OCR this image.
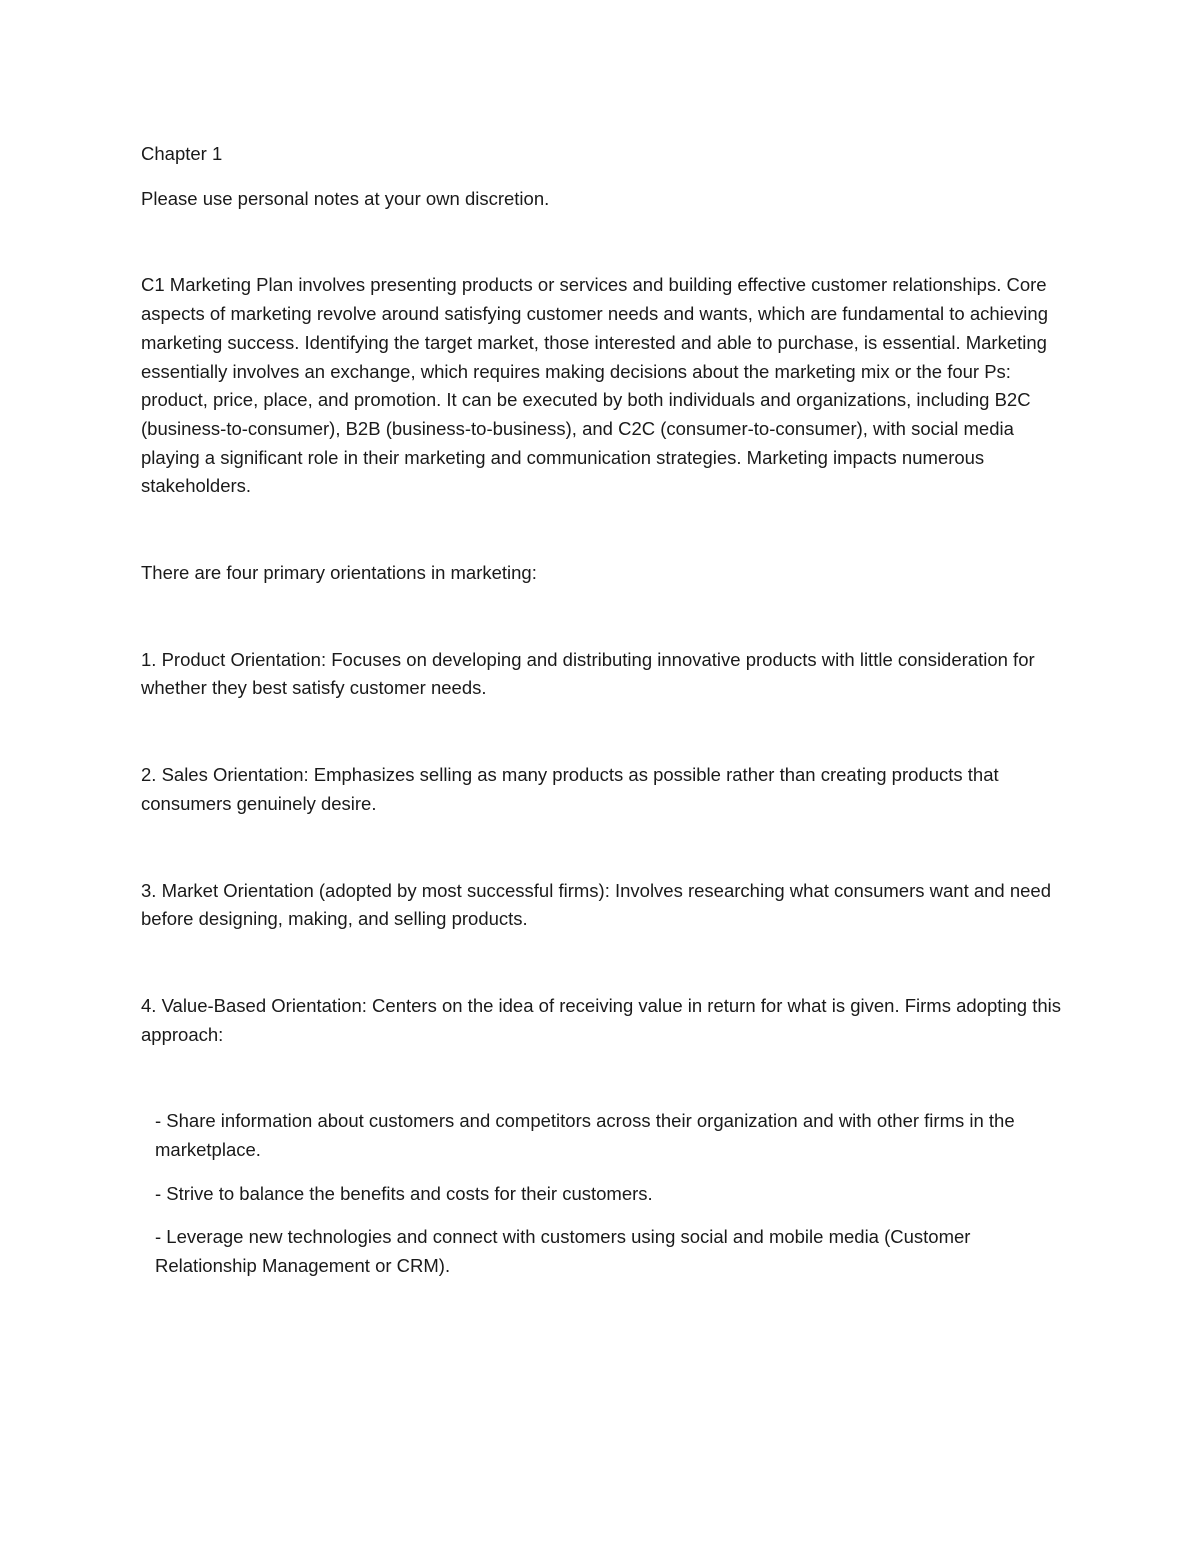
Chapter 1

Please use personal notes at your own discretion.

C1 Marketing Plan involves presenting products or services and building effective customer relationships. Core aspects of marketing revolve around satisfying customer needs and wants, which are fundamental to achieving marketing success. Identifying the target market, those interested and able to purchase, is essential. Marketing essentially involves an exchange, which requires making decisions about the marketing mix or the four Ps: product, price, place, and promotion. It can be executed by both individuals and organizations, including B2C (business-to-consumer), B2B (business-to-business), and C2C (consumer-to-consumer), with social media playing a significant role in their marketing and communication strategies. Marketing impacts numerous stakeholders.

There are four primary orientations in marketing:

1. Product Orientation: Focuses on developing and distributing innovative products with little consideration for whether they best satisfy customer needs.

2. Sales Orientation: Emphasizes selling as many products as possible rather than creating products that consumers genuinely desire.

3. Market Orientation (adopted by most successful firms): Involves researching what consumers want and need before designing, making, and selling products.

4. Value-Based Orientation: Centers on the idea of receiving value in return for what is given. Firms adopting this approach:

- Share information about customers and competitors across their organization and with other firms in the marketplace.

- Strive to balance the benefits and costs for their customers.

- Leverage new technologies and connect with customers using social and mobile media (Customer Relationship Management or CRM).
